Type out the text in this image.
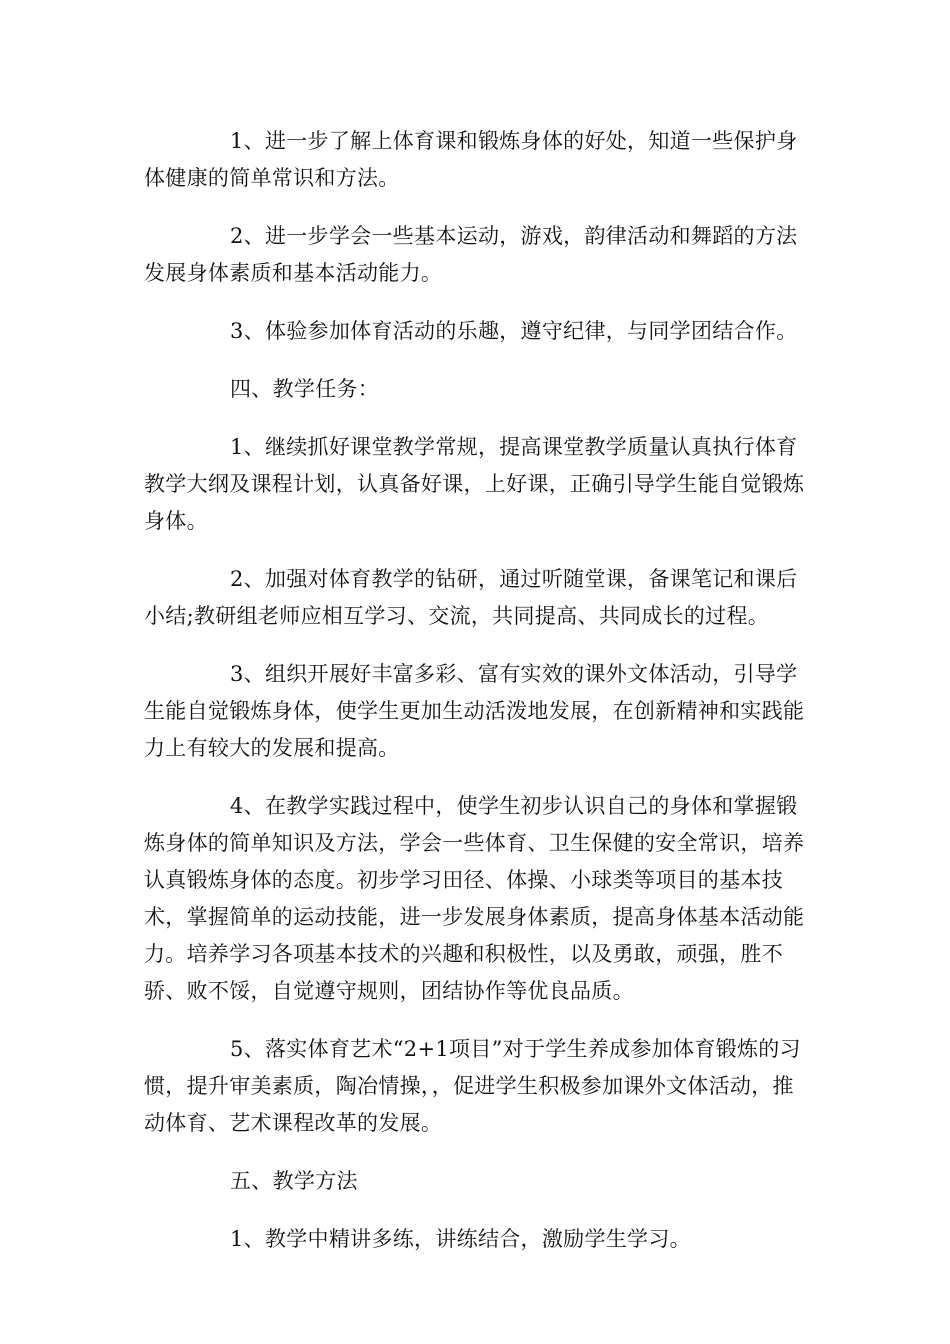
1、进一步了解上体育课和锻炼身体的好处，知道一些保护身体健康的简单常识和方法。

2、进一步学会一些基本运动，游戏，韵律活动和舞蹈的方法发展身体素质和基本活动能力。

3、体验参加体育活动的乐趣，遵守纪律，与同学团结合作。

四、教学任务：

1、继续抓好课堂教学常规，提高课堂教学质量认真执行体育教学大纲及课程计划，认真备好课，上好课，正确引导学生能自觉锻炼身体。

2、加强对体育教学的钻研，通过听随堂课，备课笔记和课后小结;教研组老师应相互学习、交流，共同提高、共同成长的过程。

3、组织开展好丰富多彩、富有实效的课外文体活动，引导学生能自觉锻炼身体，使学生更加生动活泼地发展，在创新精神和实践能力上有较大的发展和提高。

4、在教学实践过程中，使学生初步认识自己的身体和掌握锻炼身体的简单知识及方法，学会一些体育、卫生保健的安全常识，培养认真锻炼身体的态度。初步学习田径、体操、小球类等项目的基本技术，掌握简单的运动技能，进一步发展身体素质，提高身体基本活动能力。培养学习各项基本技术的兴趣和积极性，以及勇敢，顽强，胜不骄、败不馁，自觉遵守规则，团结协作等优良品质。

5、落实体育艺术“2+1项目”对于学生养成参加体育锻炼的习惯，提升审美素质，陶冶情操，，促进学生积极参加课外文体活动，推动体育、艺术课程改革的发展。

五、教学方法

1、教学中精讲多练，讲练结合，激励学生学习。
